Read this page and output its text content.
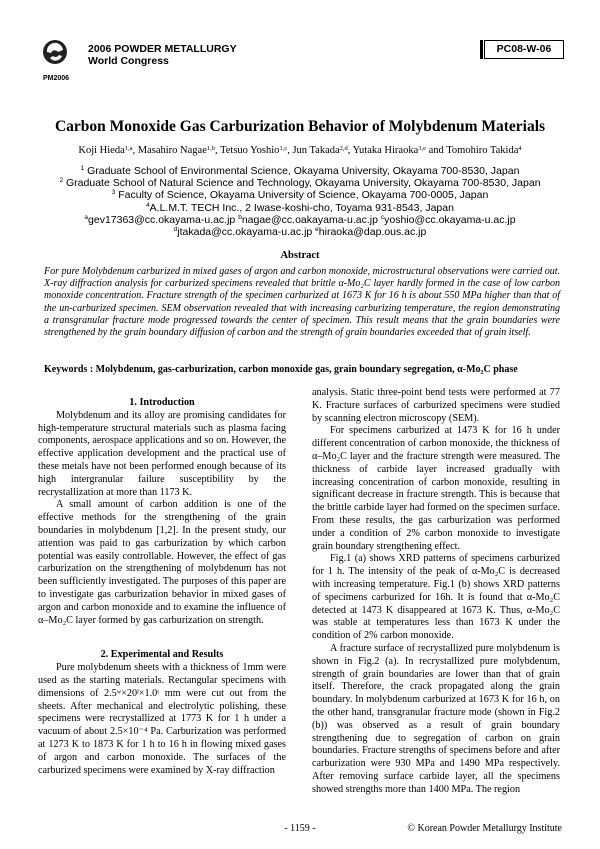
PM2006
2006 POWDER METALLURGY
World Congress
PC08-W-06
Carbon Monoxide Gas Carburization Behavior of Molybdenum Materials
Koji Hieda$^{1,a}$, Masahiro Nagae$^{1,b}$, Tetsuo Yoshio$^{1,c}$, Jun Takada$^{2,d}$, Yutaka Hiraoka$^{3,e}$ and Tomohiro Takida$^4$
$^1$ Graduate School of Environmental Science, Okayama University, Okayama 700-8530, Japan
$^2$ Graduate School of Natural Science and Technology, Okayama University, Okayama 700-8530, Japan
$^3$ Faculty of Science, Okayama University of Science, Okayama 700-0005, Japan
$^4$A.L.M.T. TECH Inc., 2 Iwase-koshi-cho, Toyama 931-8543, Japan
$^a$gev17363@cc.okayama-u.ac.jp $^b$nagae@cc.oakayama-u.ac.jp $^c$yoshio@cc.okayama-u.ac.jp
$^d$jtakada@cc.okayama-u.ac.jp $^e$hiraoka@dap.ous.ac.jp
Abstract
For pure Molybdenum carburized in mixed gases of argon and carbon monoxide, microstructural observations were carried out. X-ray diffraction analysis for carburized specimens revealed that brittle α-Mo₂C layer hardly formed in the case of low carbon monoxide concentration. Fracture strength of the specimen carburized at 1673 K for 16 h is about 550 MPa higher than that of the un-carburized specimen. SEM observation revealed that with increasing carburizing temperature, the region demonstrating a transgranular fracture mode progressed towards the center of specimen. This result means that the grain boundaries were strengthened by the grain boundary diffusion of carbon and the strength of grain boundaries exceeded that of grain itself.
Keywords : Molybdenum, gas-carburization, carbon monoxide gas, grain boundary segregation, α-Mo₂C phase

1. Introduction

Molybdenum and its alloy are promising candidates for high-temperature structural materials such as plasma facing components, aerospace applications and so on. However, the effective application development and the practical use of these metals have not been performed enough because of its high intergranular failure susceptibility by the recrystallization at more than 1173 K.

A small amount of carbon addition is one of the effective methods for the strengthening of the grain boundaries in molybdenum [1,2]. In the present study, our attention was paid to gas carburization by which carbon potential was easily controllable. However, the effect of gas carburization on the strengthening of molybdenum has not been sufficiently investigated. The purposes of this paper are to investigate gas carburization behavior in mixed gases of argon and carbon monoxide and to examine the influence of α–Mo₂C layer formed by gas carburization on strength.

2. Experimental and Results

Pure molybdenum sheets with a thickness of 1mm were used as the starting materials. Rectangular specimens with dimensions of 2.5ʷ×20ˡ×1.0ᵗ mm were cut out from the sheets. After mechanical and electrolytic polishing, these specimens were recrystallized at 1773 K for 1 h under a vacuum of about 2.5×10⁻⁴ Pa. Carburization was performed at 1273 K to 1873 K for 1 h to 16 h in flowing mixed gases of argon and carbon monoxide. The surfaces of the carburized specimens were examined by X-ray diffraction

analysis. Static three-point bend tests were performed at 77 K. Fracture surfaces of carburized specimens were studied by scanning electron microscopy (SEM).

For specimens carburized at 1473 K for 16 h under different concentration of carbon monoxide, the thickness of α–Mo₂C layer and the fracture strength were measured. The thickness of carbide layer increased gradually with increasing concentration of carbon monoxide, resulting in significant decrease in fracture strength. This is because that the brittle carbide layer had formed on the specimen surface. From these results, the gas carburization was performed under a condition of 2% carbon monoxide to investigate grain boundary strengthening effect.

Fig.1 (a) shows XRD patterns of specimens carburized for 1 h. The intensity of the peak of α-Mo₂C is decreased with increasing temperature. Fig.1 (b) shows XRD patterns of specimens carburized for 16h. It is found that α-Mo₂C detected at 1473 K disappeared at 1673 K. Thus, α-Mo₂C was stable at temperatures less than 1673 K under the condition of 2% carbon monoxide.

A fracture surface of recrystallized pure molybdenum is shown in Fig.2 (a). In recrystallized pure molybdenum, strength of grain boundaries are lower than that of grain itself. Therefore, the crack propagated along the grain boundary. In molybdenum carburized at 1673 K for 16 h, on the other hand, transgranular fracture mode (shown in Fig.2 (b)) was observed as a result of grain boundary strengthening due to segregation of carbon on grain boundaries. Fracture strengths of specimens before and after carburization were 930 MPa and 1490 MPa respectively. After removing surface carbide layer, all the specimens showed strengths more than 1400 MPa. The region

- 1159 -	© Korean Powder Metallurgy Institute
